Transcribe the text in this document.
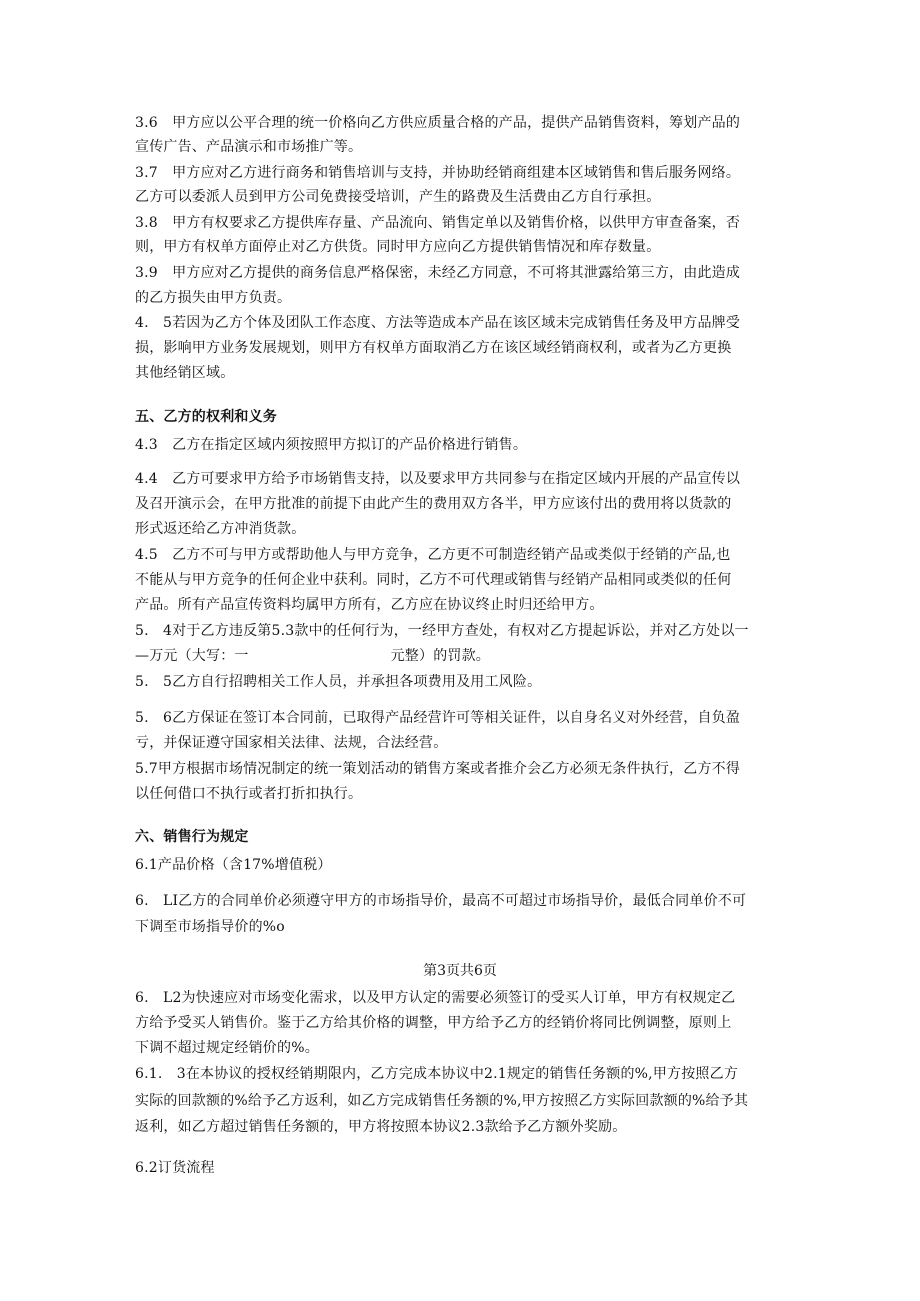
3.6　甲方应以公平合理的统一价格向乙方供应质量合格的产品，提供产品销售资料，筹划产品的
宣传广告、产品演示和市场推广等。
3.7　甲方应对乙方进行商务和销售培训与支持，并协助经销商组建本区域销售和售后服务网络。
乙方可以委派人员到甲方公司免费接受培训，产生的路费及生活费由乙方自行承担。
3.8　甲方有权要求乙方提供库存量、产品流向、销售定单以及销售价格，以供甲方审查备案，否
则，甲方有权单方面停止对乙方供货。同时甲方应向乙方提供销售情况和库存数量。
3.9　甲方应对乙方提供的商务信息严格保密，未经乙方同意，不可将其泄露给第三方，由此造成
的乙方损失由甲方负责。
4.　5若因为乙方个体及团队工作态度、方法等造成本产品在该区域未完成销售任务及甲方品牌受
损，影响甲方业务发展规划，则甲方有权单方面取消乙方在该区域经销商权利，或者为乙方更换
其他经销区域。
五、乙方的权利和义务
4.3　乙方在指定区域内须按照甲方拟订的产品价格进行销售。
4.4　乙方可要求甲方给予市场销售支持，以及要求甲方共同参与在指定区域内开展的产品宣传以
及召开演示会，在甲方批准的前提下由此产生的费用双方各半，甲方应该付出的费用将以货款的
形式返还给乙方冲消货款。
4.5　乙方不可与甲方或帮助他人与甲方竞争，乙方更不可制造经销产品或类似于经销的产品,也
不能从与甲方竞争的任何企业中获利。同时，乙方不可代理或销售与经销产品相同或类似的任何
产品。所有产品宣传资料均属甲方所有，乙方应在协议终止时归还给甲方。
5.　4对于乙方违反第5.3款中的任何行为，一经甲方查处，有权对乙方提起诉讼，并对乙方处以一
—万元（大写：一　　　　　　　　　　元整）的罚款。
5.　5乙方自行招聘相关工作人员，并承担各项费用及用工风险。
5.　6乙方保证在签订本合同前，已取得产品经营许可等相关证件，以自身名义对外经营，自负盈
亏，并保证遵守国家相关法律、法规，合法经营。
5.7甲方根据市场情况制定的统一策划活动的销售方案或者推介会乙方必须无条件执行，乙方不得
以任何借口不执行或者打折扣执行。
六、销售行为规定
6.1产品价格（含17%增值税）
6.　LI乙方的合同单价必须遵守甲方的市场指导价，最高不可超过市场指导价，最低合同单价不可
下调至市场指导价的%o
第3页共6页
6.　L2为快速应对市场变化需求，以及甲方认定的需要必须签订的受买人订单，甲方有权规定乙
方给予受买人销售价。鉴于乙方给其价格的调整，甲方给予乙方的经销价将同比例调整，原则上
下调不超过规定经销价的%。
6.1.　3在本协议的授权经销期限内，乙方完成本协议中2.1规定的销售任务额的%,甲方按照乙方
实际的回款额的%给予乙方返利，如乙方完成销售任务额的%,甲方按照乙方实际回款额的%给予其
返利，如乙方超过销售任务额的，甲方将按照本协议2.3款给予乙方额外奖励。
6.2订货流程
